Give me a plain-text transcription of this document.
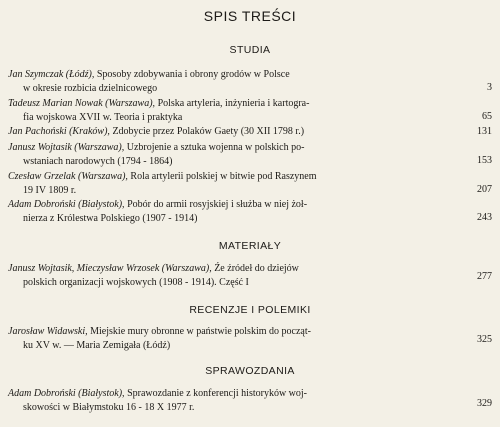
SPIS TREŚCI
STUDIA
Jan Szymczak (Łódź), Sposoby zdobywania i obrony grodów w Polsce
w okresie rozbicia dzielnicowego	3
Tadeusz Marian Nowak (Warszawa), Polska artyleria, inżynieria i kartogra-
fia wojskowa XVII w. Teoria i praktyka	65
Jan Pachoński (Kraków), Zdobycie przez Polaków Gaety (30 XII 1798 r.)	131
Janusz Wojtasik (Warszawa), Uzbrojenie a sztuka wojenna w polskich po-
wstaniach narodowych (1794 - 1864)	153
Czesław Grzelak (Warszawa), Rola artylerii polskiej w bitwie pod Raszynem
19 IV 1809 r.	207
Adam Dobroński (Białystok), Pobór do armii rosyjskiej i służba w niej żoł-
nierza z Królestwa Polskiego (1907 - 1914)	243
MATERIAŁY
Janusz Wojtasik, Mieczysław Wrzosek (Warszawa), Źe źródeł do dziejów
polskich organizacji wojskowych (1908 - 1914). Część I	277
RECENZJE I POLEMIKI
Jarosław Widawski, Miejskie mury obronne w państwie polskim do począt-
ku XV w. — Maria Zemigała (Łódź)	325
SPRAWOZDANIA
Adam Dobroński (Białystok), Sprawozdanie z konferencji historyków woj-
skowości w Białymstoku 16 - 18 X 1977 r.	329
